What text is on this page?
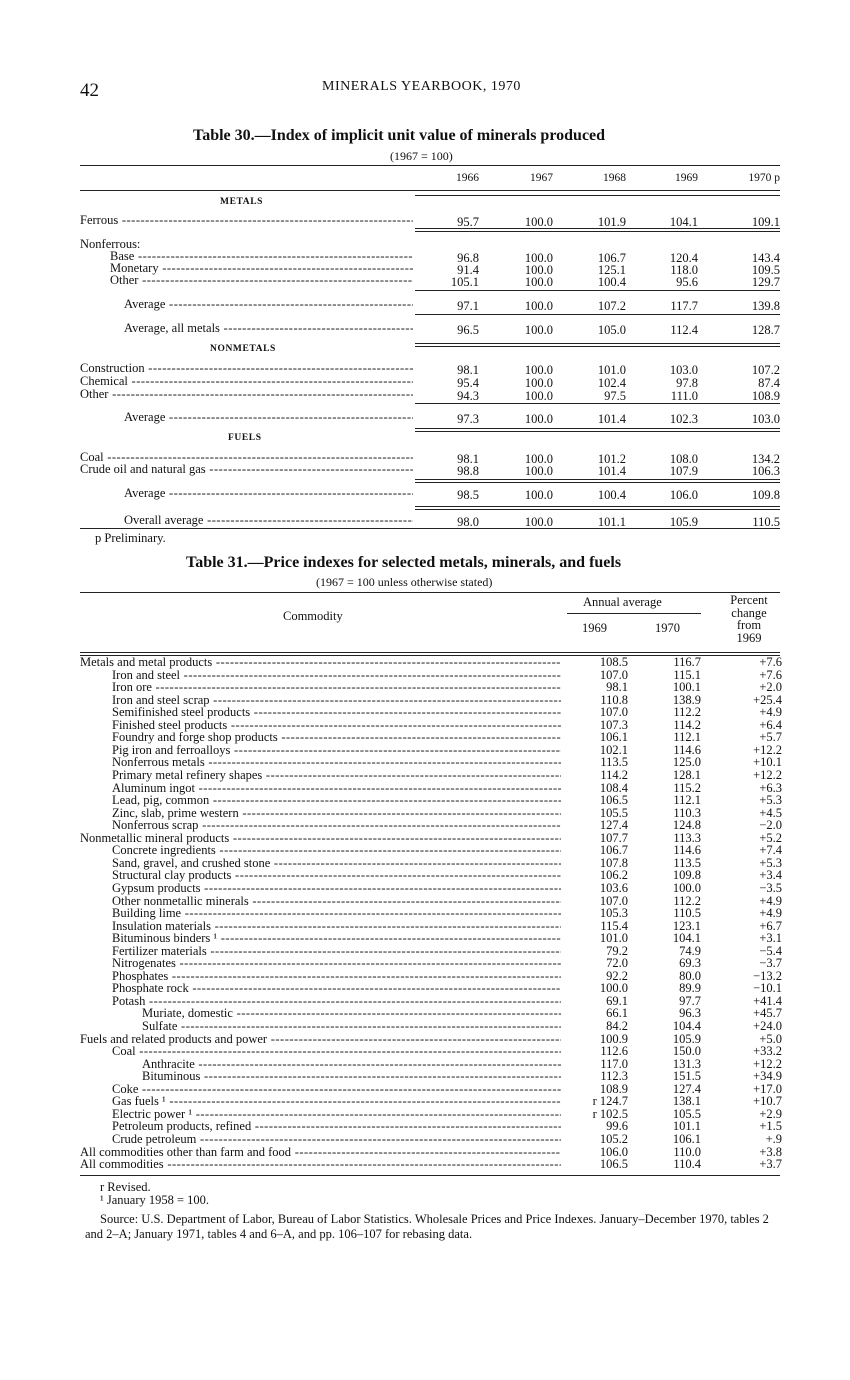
42	MINERALS YEARBOOK, 1970
Table 30.—Index of implicit unit value of minerals produced
(1967 = 100)
1966	1967	1968	1969	1970 p
METALS
Ferrous -----	95.7	100.0	101.9	104.1	109.1
Nonferrous:
Base -----	96.8	100.0	106.7	120.4	143.4
Monetary -----	91.4	100.0	125.1	118.0	109.5
Other -----	105.1	100.0	100.4	95.6	129.7
Average -----	97.1	100.0	107.2	117.7	139.8
Average, all metals -----	96.5	100.0	105.0	112.4	128.7
NONMETALS
Construction -----	98.1	100.0	101.0	103.0	107.2
Chemical -----	95.4	100.0	102.4	97.8	87.4
Other -----	94.3	100.0	97.5	111.0	108.9
Average -----	97.3	100.0	101.4	102.3	103.0
FUELS
Coal -----	98.1	100.0	101.2	108.0	134.2
Crude oil and natural gas -----	98.8	100.0	101.4	107.9	106.3
Average -----	98.5	100.0	100.4	106.0	109.8
Overall average -----	98.0	100.0	101.1	105.9	110.5
p Preliminary.
Table 31.—Price indexes for selected metals, minerals, and fuels
(1967 = 100 unless otherwise stated)
Commodity
Annual average
1969	1970
Percent
change
from
1969
Metals and metal products -----	108.5	116.7	+7.6
Iron and steel -----	107.0	115.1	+7.6
Iron ore -----	98.1	100.1	+2.0
Iron and steel scrap -----	110.8	138.9	+25.4
Semifinished steel products -----	107.0	112.2	+4.9
Finished steel products -----	107.3	114.2	+6.4
Foundry and forge shop products -----	106.1	112.1	+5.7
Pig iron and ferroalloys -----	102.1	114.6	+12.2
Nonferrous metals -----	113.5	125.0	+10.1
Primary metal refinery shapes -----	114.2	128.1	+12.2
Aluminum ingot -----	108.4	115.2	+6.3
Lead, pig, common -----	106.5	112.1	+5.3
Zinc, slab, prime western -----	105.5	110.3	+4.5
Nonferrous scrap -----	127.4	124.8	−2.0
Nonmetallic mineral products -----	107.7	113.3	+5.2
Concrete ingredients -----	106.7	114.6	+7.4
Sand, gravel, and crushed stone -----	107.8	113.5	+5.3
Structural clay products -----	106.2	109.8	+3.4
Gypsum products -----	103.6	100.0	−3.5
Other nonmetallic minerals -----	107.0	112.2	+4.9
Building lime -----	105.3	110.5	+4.9
Insulation materials -----	115.4	123.1	+6.7
Bituminous binders ¹ -----	101.0	104.1	+3.1
Fertilizer materials -----	79.2	74.9	−5.4
Nitrogenates -----	72.0	69.3	−3.7
Phosphates -----	92.2	80.0	−13.2
Phosphate rock -----	100.0	89.9	−10.1
Potash -----	69.1	97.7	+41.4
Muriate, domestic -----	66.1	96.3	+45.7
Sulfate -----	84.2	104.4	+24.0
Fuels and related products and power -----	100.9	105.9	+5.0
Coal -----	112.6	150.0	+33.2
Anthracite -----	117.0	131.3	+12.2
Bituminous -----	112.3	151.5	+34.9
Coke -----	108.9	127.4	+17.0
Gas fuels ¹ -----	r 124.7	138.1	+10.7
Electric power ¹ -----	r 102.5	105.5	+2.9
Petroleum products, refined -----	99.6	101.1	+1.5
Crude petroleum -----	105.2	106.1	+.9
All commodities other than farm and food -----	106.0	110.0	+3.8
All commodities -----	106.5	110.4	+3.7
r Revised.
¹ January 1958 = 100.
Source: U.S. Department of Labor, Bureau of Labor Statistics. Wholesale Prices and Price Indexes. January–December 1970, tables 2 and 2–A; January 1971, tables 4 and 6–A, and pp. 106–107 for rebasing data.
